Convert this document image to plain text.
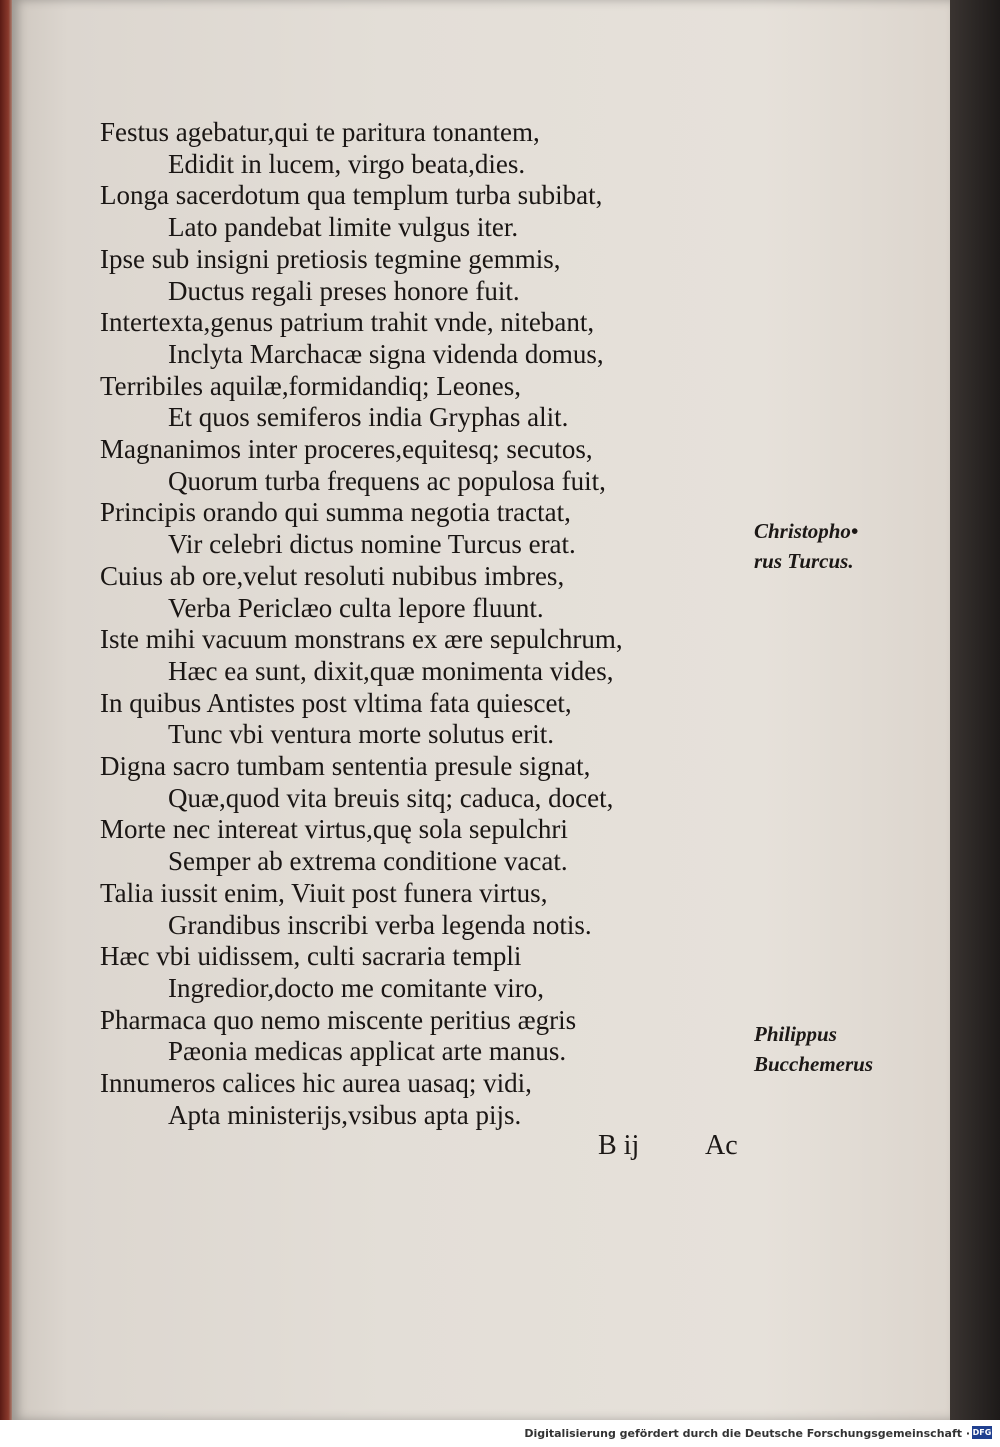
Festus agebatur,qui te paritura tonantem,
Edidit in lucem, virgo beata,dies.
Longa sacerdotum qua templum turba subibat,
Lato pandebat limite vulgus iter.
Ipse sub insigni pretiosis tegmine gemmis,
Ductus regali preses honore fuit.
Intertexta,genus patrium trahit vnde, nitebant,
Inclyta Marchacæ signa videnda domus,
Terribiles aquilæ,formidandiq; Leones,
Et quos semiferos india Gryphas alit.
Magnanimos inter proceres,equitesq; secutos,
Quorum turba frequens ac populosa fuit,
Principis orando qui summa negotia tractat,
Vir celebri dictus nomine Turcus erat.
Cuius ab ore,velut resoluti nubibus imbres,
Verba Periclæo culta lepore fluunt.
Iste mihi vacuum monstrans ex ære sepulchrum,
Hæc ea sunt, dixit,quæ monimenta vides,
In quibus Antistes post vltima fata quiescet,
Tunc vbi ventura morte solutus erit.
Digna sacro tumbam sententia presule signat,
Quæ,quod vita breuis sitq; caduca, docet,
Morte nec intereat virtus,quę sola sepulchri
Semper ab extrema conditione vacat.
Talia iussit enim, Viuit post funera virtus,
Grandibus inscribi verba legenda notis.
Hæc vbi uidissem, culti sacraria templi
Ingredior,docto me comitante viro,
Pharmaca quo nemo miscente peritius ægris
Pæonia medicas applicat arte manus.
Innumeros calices hic aurea uasaq; vidi,
Apta ministerijs,vsibus apta pijs.
Christopho•
rus Turcus.
Philippus
Bucchemerus
B ij Ac
Digitalisierung gefördert durch die Deutsche Forschungsgemeinschaft · DFG
